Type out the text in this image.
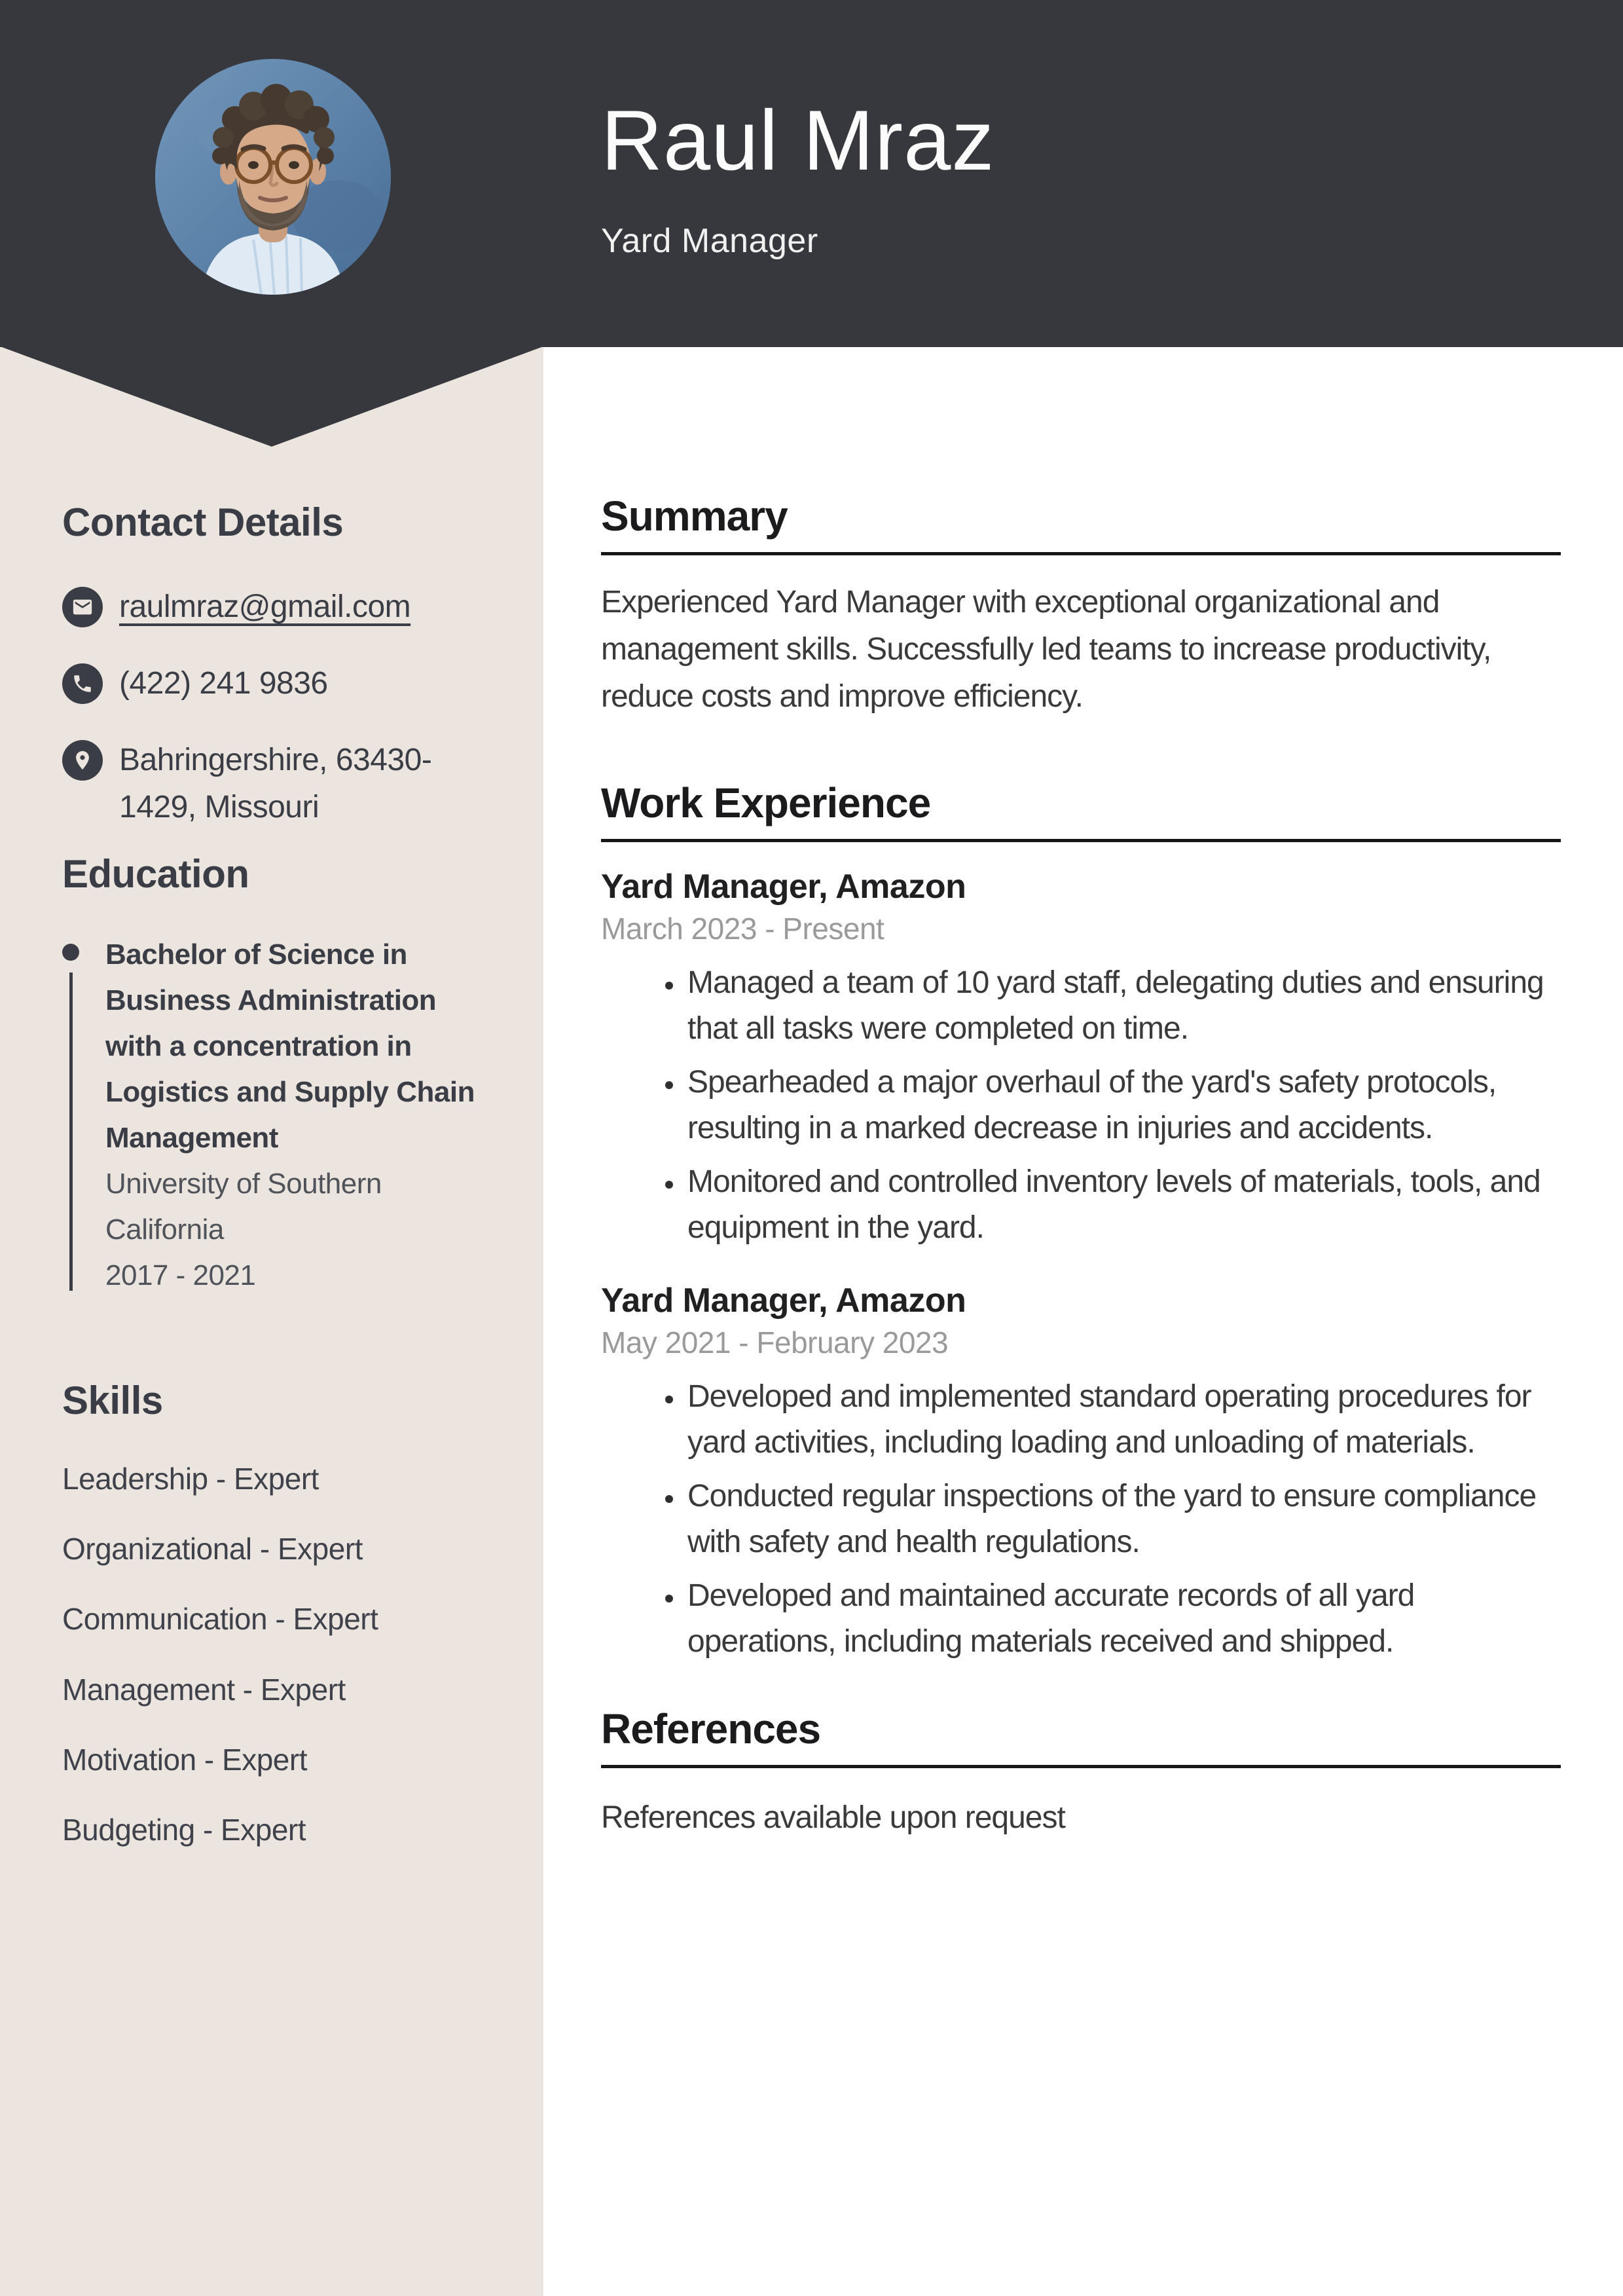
Raul Mraz
Yard Manager
Contact Details
raulmraz@gmail.com
(422) 241 9836
Bahringershire, 63430-1429, Missouri
Education
Bachelor of Science in Business Administration with a concentration in Logistics and Supply Chain Management
University of Southern California
2017 - 2021
Skills
Leadership - Expert
Organizational - Expert
Communication - Expert
Management - Expert
Motivation - Expert
Budgeting - Expert
Summary
Experienced Yard Manager with exceptional organizational and management skills. Successfully led teams to increase productivity, reduce costs and improve efficiency.
Work Experience
Yard Manager, Amazon
March 2023 - Present
• Managed a team of 10 yard staff, delegating duties and ensuring that all tasks were completed on time.
• Spearheaded a major overhaul of the yard's safety protocols, resulting in a marked decrease in injuries and accidents.
• Monitored and controlled inventory levels of materials, tools, and equipment in the yard.
Yard Manager, Amazon
May 2021 - February 2023
• Developed and implemented standard operating procedures for yard activities, including loading and unloading of materials.
• Conducted regular inspections of the yard to ensure compliance with safety and health regulations.
• Developed and maintained accurate records of all yard operations, including materials received and shipped.
References
References available upon request
